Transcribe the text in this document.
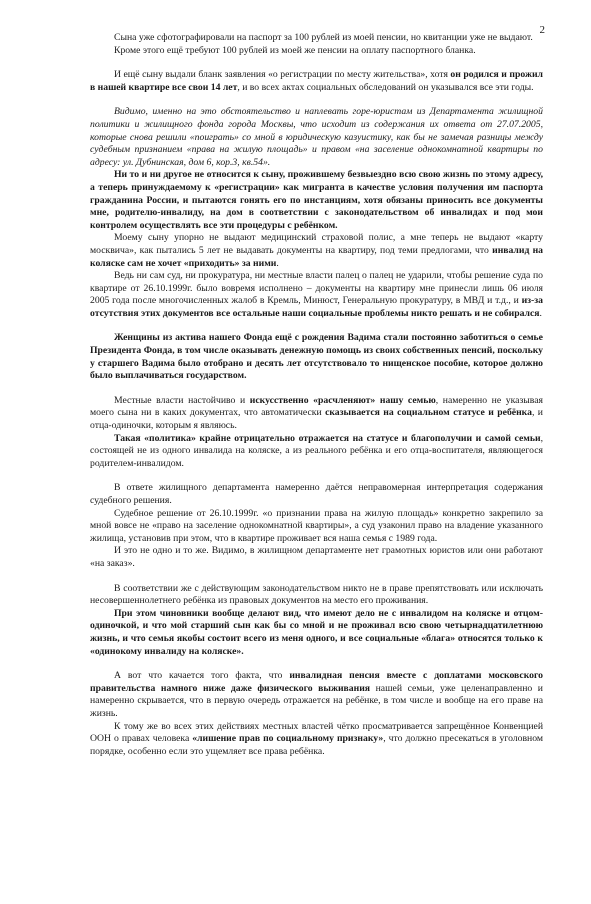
2

Сына уже сфотографировали на паспорт за 100 рублей из моей пенсии, но квитанции уже не выдают.

Кроме этого ещё требуют 100 рублей из моей же пенсии на оплату паспортного бланка.

И ещё сыну выдали бланк заявления «о регистрации по месту жительства», хотя он родился и прожил в нашей квартире все свои 14 лет, и во всех актах социальных обследований он указывался все эти годы.

Видимо, именно на это обстоятельство и наплевать горе-юристам из Департамента жилищной политики и жилищного фонда города Москвы, что исходит из содержания их ответа от 27.07.2005, которые снова решили «поиграть» со мной в юридическую казуистику, как бы не замечая разницы между судебным признанием «права на жилую площадь» и правом «на заселение однокомнатной квартиры по адресу: ул. Дубнинская, дом 6, кор.3, кв.54».

Ни то и ни другое не относится к сыну, прожившему безвыездно всю свою жизнь по этому адресу, а теперь принуждаемому к «регистрации» как мигранта в качестве условия получения им паспорта гражданина России, и пытаются гонять его по инстанциям, хотя обязаны приносить все документы мне, родителю-инвалиду, на дом в соответствии с законодательством об инвалидах и под мои контролем осуществлять все эти процедуры с ребёнком.

Моему сыну упорно не выдают медицинский страховой полис, а мне теперь не выдают «карту москвича», как пытались 5 лет не выдавать документы на квартиру, под теми предлогами, что инвалид на коляске сам не хочет «приходить» за ними.

Ведь ни сам суд, ни прокуратура, ни местные власти палец о палец не ударили, чтобы решение суда по квартире от 26.10.1999г. было вовремя исполнено – документы на квартиру мне принесли лишь 06 июля 2005 года после многочисленных жалоб в Кремль, Минюст, Генеральную прокуратуру, в МВД и т.д., и из-за отсутствия этих документов все остальные наши социальные проблемы никто решать и не собирался.

Женщины из актива нашего Фонда ещё с рождения Вадима стали постоянно заботиться о семье Президента Фонда, в том числе оказывать денежную помощь из своих собственных пенсий, поскольку у старшего Вадима было отобрано и десять лет отсутствовало то нищенское пособие, которое должно было выплачиваться государством.

Местные власти настойчиво и искусственно «расчленяют» нашу семью, намеренно не указывая моего сына ни в каких документах, что автоматически сказывается на социальном статусе и ребёнка, и отца-одиночки, которым я являюсь.

Такая «политика» крайне отрицательно отражается на статусе и благополучии и самой семьи, состоящей не из одного инвалида на коляске, а из реального ребёнка и его отца-воспитателя, являющегося родителем-инвалидом.

В ответе жилищного департамента намеренно даётся неправомерная интерпретация содержания судебного решения.

Судебное решение от 26.10.1999г. «о признании права на жилую площадь» конкретно закрепило за мной вовсе не «право на заселение однокомнатной квартиры», а суд узаконил право на владение указанного жилища, установив при этом, что в квартире проживает вся наша семья с 1989 года.

И это не одно и то же. Видимо, в жилищном департаменте нет грамотных юристов или они работают «на заказ».

В соответствии же с действующим законодательством никто не в праве препятствовать или исключать несовершеннолетнего ребёнка из правовых документов на место его проживания.

При этом чиновники вообще делают вид, что имеют дело не с инвалидом на коляске и отцом-одиночкой, и что мой старший сын как бы со мной и не проживал всю свою четырнадцатилетнюю жизнь, и что семья якобы состоит всего из меня одного, и все социальные «блага» относятся только к «одинокому инвалиду на коляске».

А вот что качается того факта, что инвалидная пенсия вместе с доплатами московского правительства намного ниже даже физического выживания нашей семьи, уже целенаправленно и намеренно скрывается, что в первую очередь отражается на ребёнке, в том числе и вообще на его праве на жизнь.

К тому же во всех этих действиях местных властей чётко просматривается запрещённое Конвенцией ООН о правах человека «лишение прав по социальному признаку», что должно пресекаться в уголовном порядке, особенно если это ущемляет все права ребёнка.
